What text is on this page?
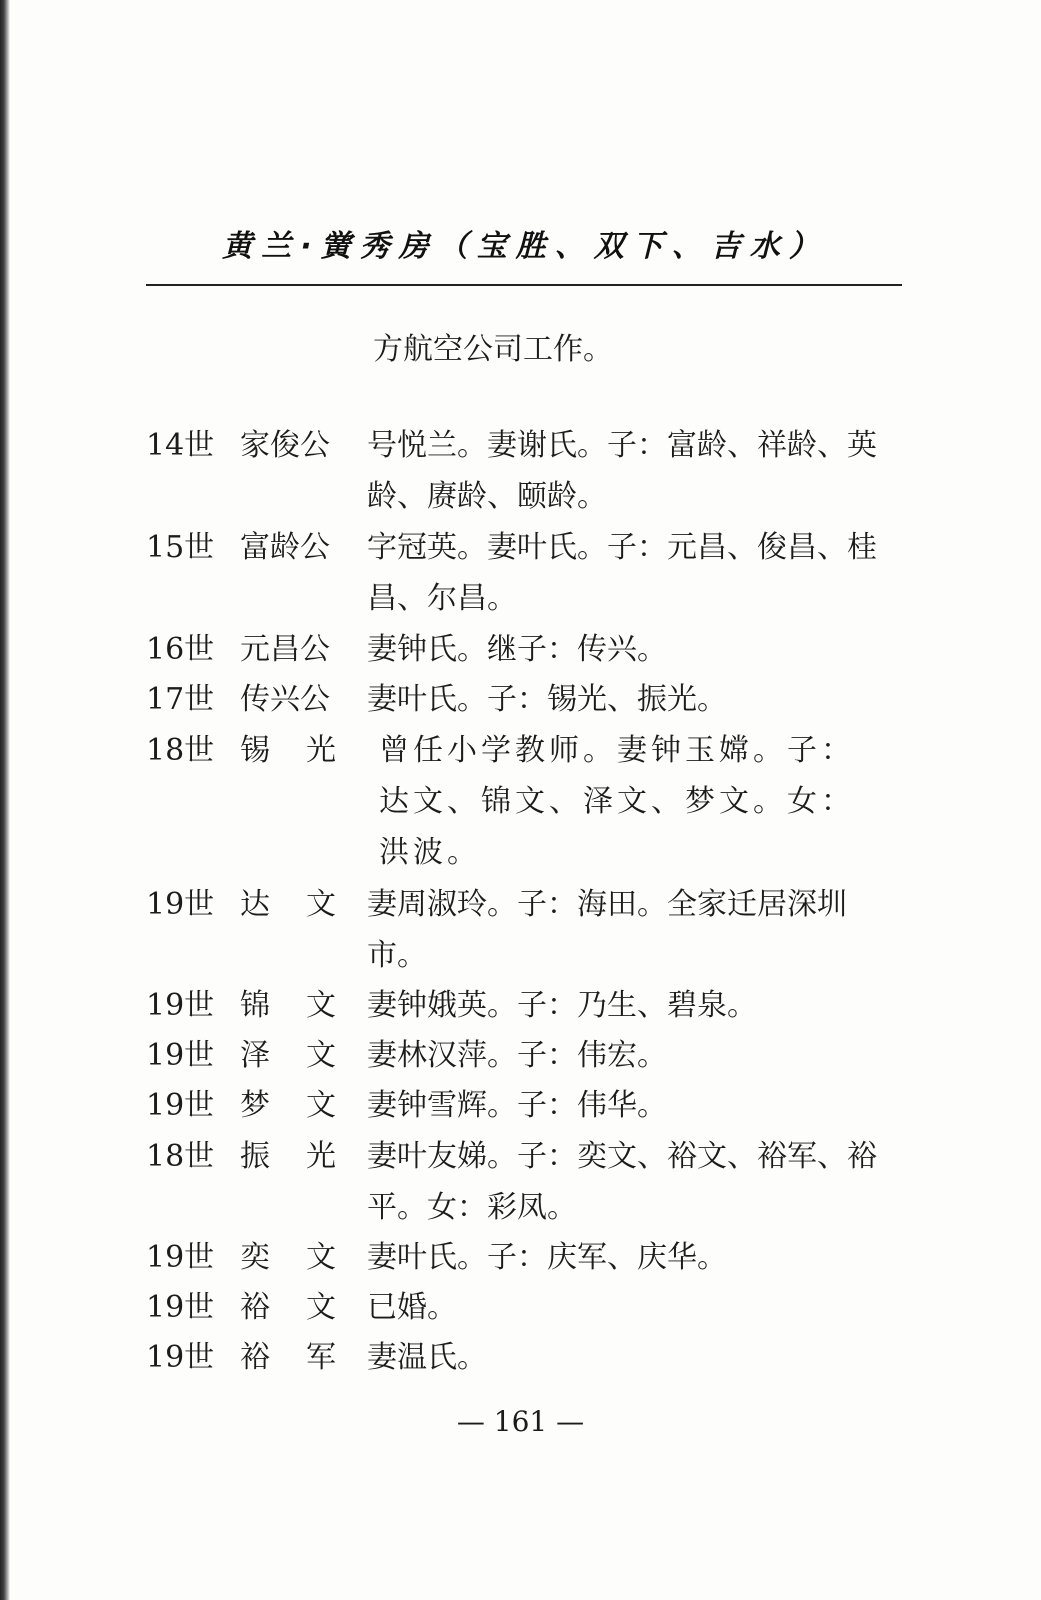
黄兰·黉秀房（宝胜、双下、吉水）
方航空公司工作。
14世 家俊公 号悦兰。妻谢氏。子：富龄、祥龄、英龄、赓龄、颐龄。
15世 富龄公 字冠英。妻叶氏。子：元昌、俊昌、桂昌、尔昌。
16世 元昌公 妻钟氏。继子：传兴。
17世 传兴公 妻叶氏。子：锡光、振光。
18世 锡 光 曾任小学教师。妻钟玉嫦。子：达文、锦文、泽文、梦文。女：洪波。
19世 达 文 妻周淑玲。子：海田。全家迁居深圳市。
19世 锦 文 妻钟娥英。子：乃生、碧泉。
19世 泽 文 妻林汉萍。子：伟宏。
19世 梦 文 妻钟雪辉。子：伟华。
18世 振 光 妻叶友娣。子：奕文、裕文、裕军、裕平。女：彩凤。
19世 奕 文 妻叶氏。子：庆军、庆华。
19世 裕 文 已婚。
19世 裕 军 妻温氏。
— 161 —
